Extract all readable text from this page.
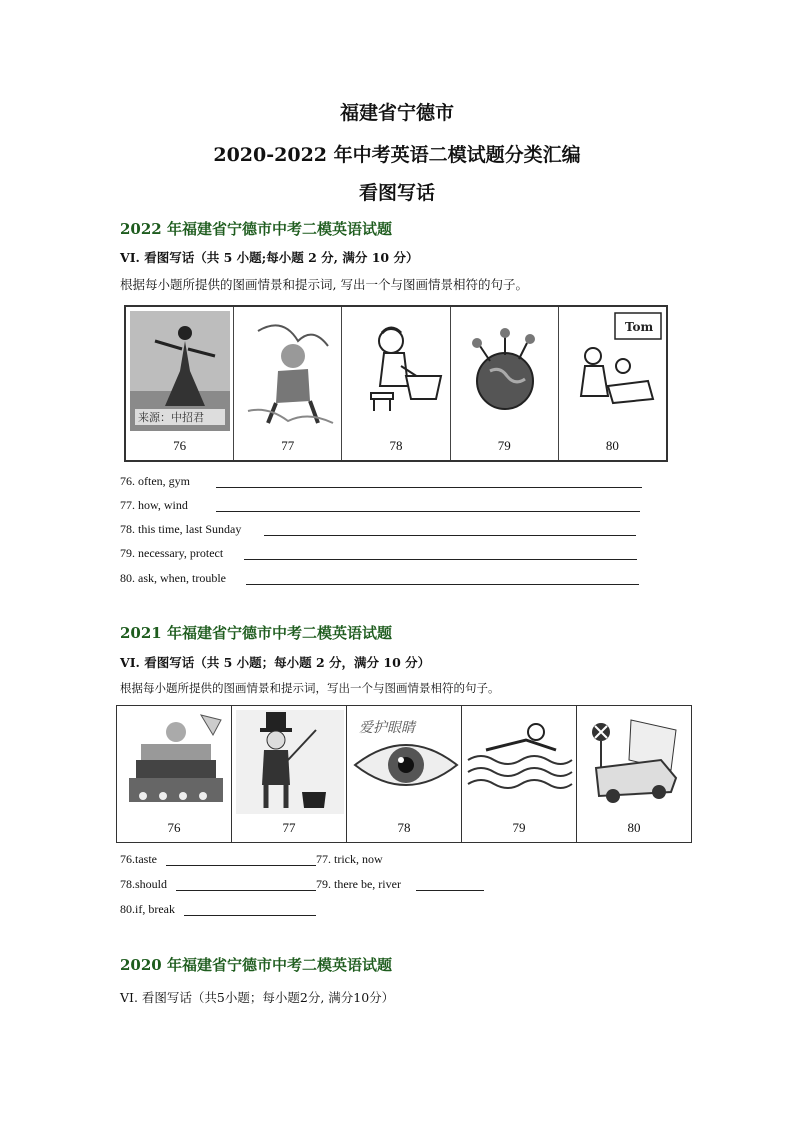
福建省宁德市
2020-2022 年中考英语二模试题分类汇编
看图写话
2022 年福建省宁德市中考二模英语试题
VI. 看图写话（共 5 小题;每小题 2 分, 满分 10 分）
根据每小题所提供的图画情景和提示词, 写出一个与图画情景相符的句子。
来源：中招君
76	77	78	79
Tom
80
76. often, gym
77. how, wind
78. this time, last Sunday
79. necessary, protect
80. ask, when, trouble
2021 年福建省宁德市中考二模英语试题
VI. 看图写话（共 5 小题；每小题 2 分，满分 10 分）
根据每小题所提供的图画情景和提示词，写出一个与图画情景相符的句子。
76	77
爱护眼睛
78	79	80
76.taste	77. trick, now
78.should	79. there be, river
80.if, break
2020 年福建省宁德市中考二模英语试题
VI. 看图写话（共5小题；每小题2分, 满分10分）
